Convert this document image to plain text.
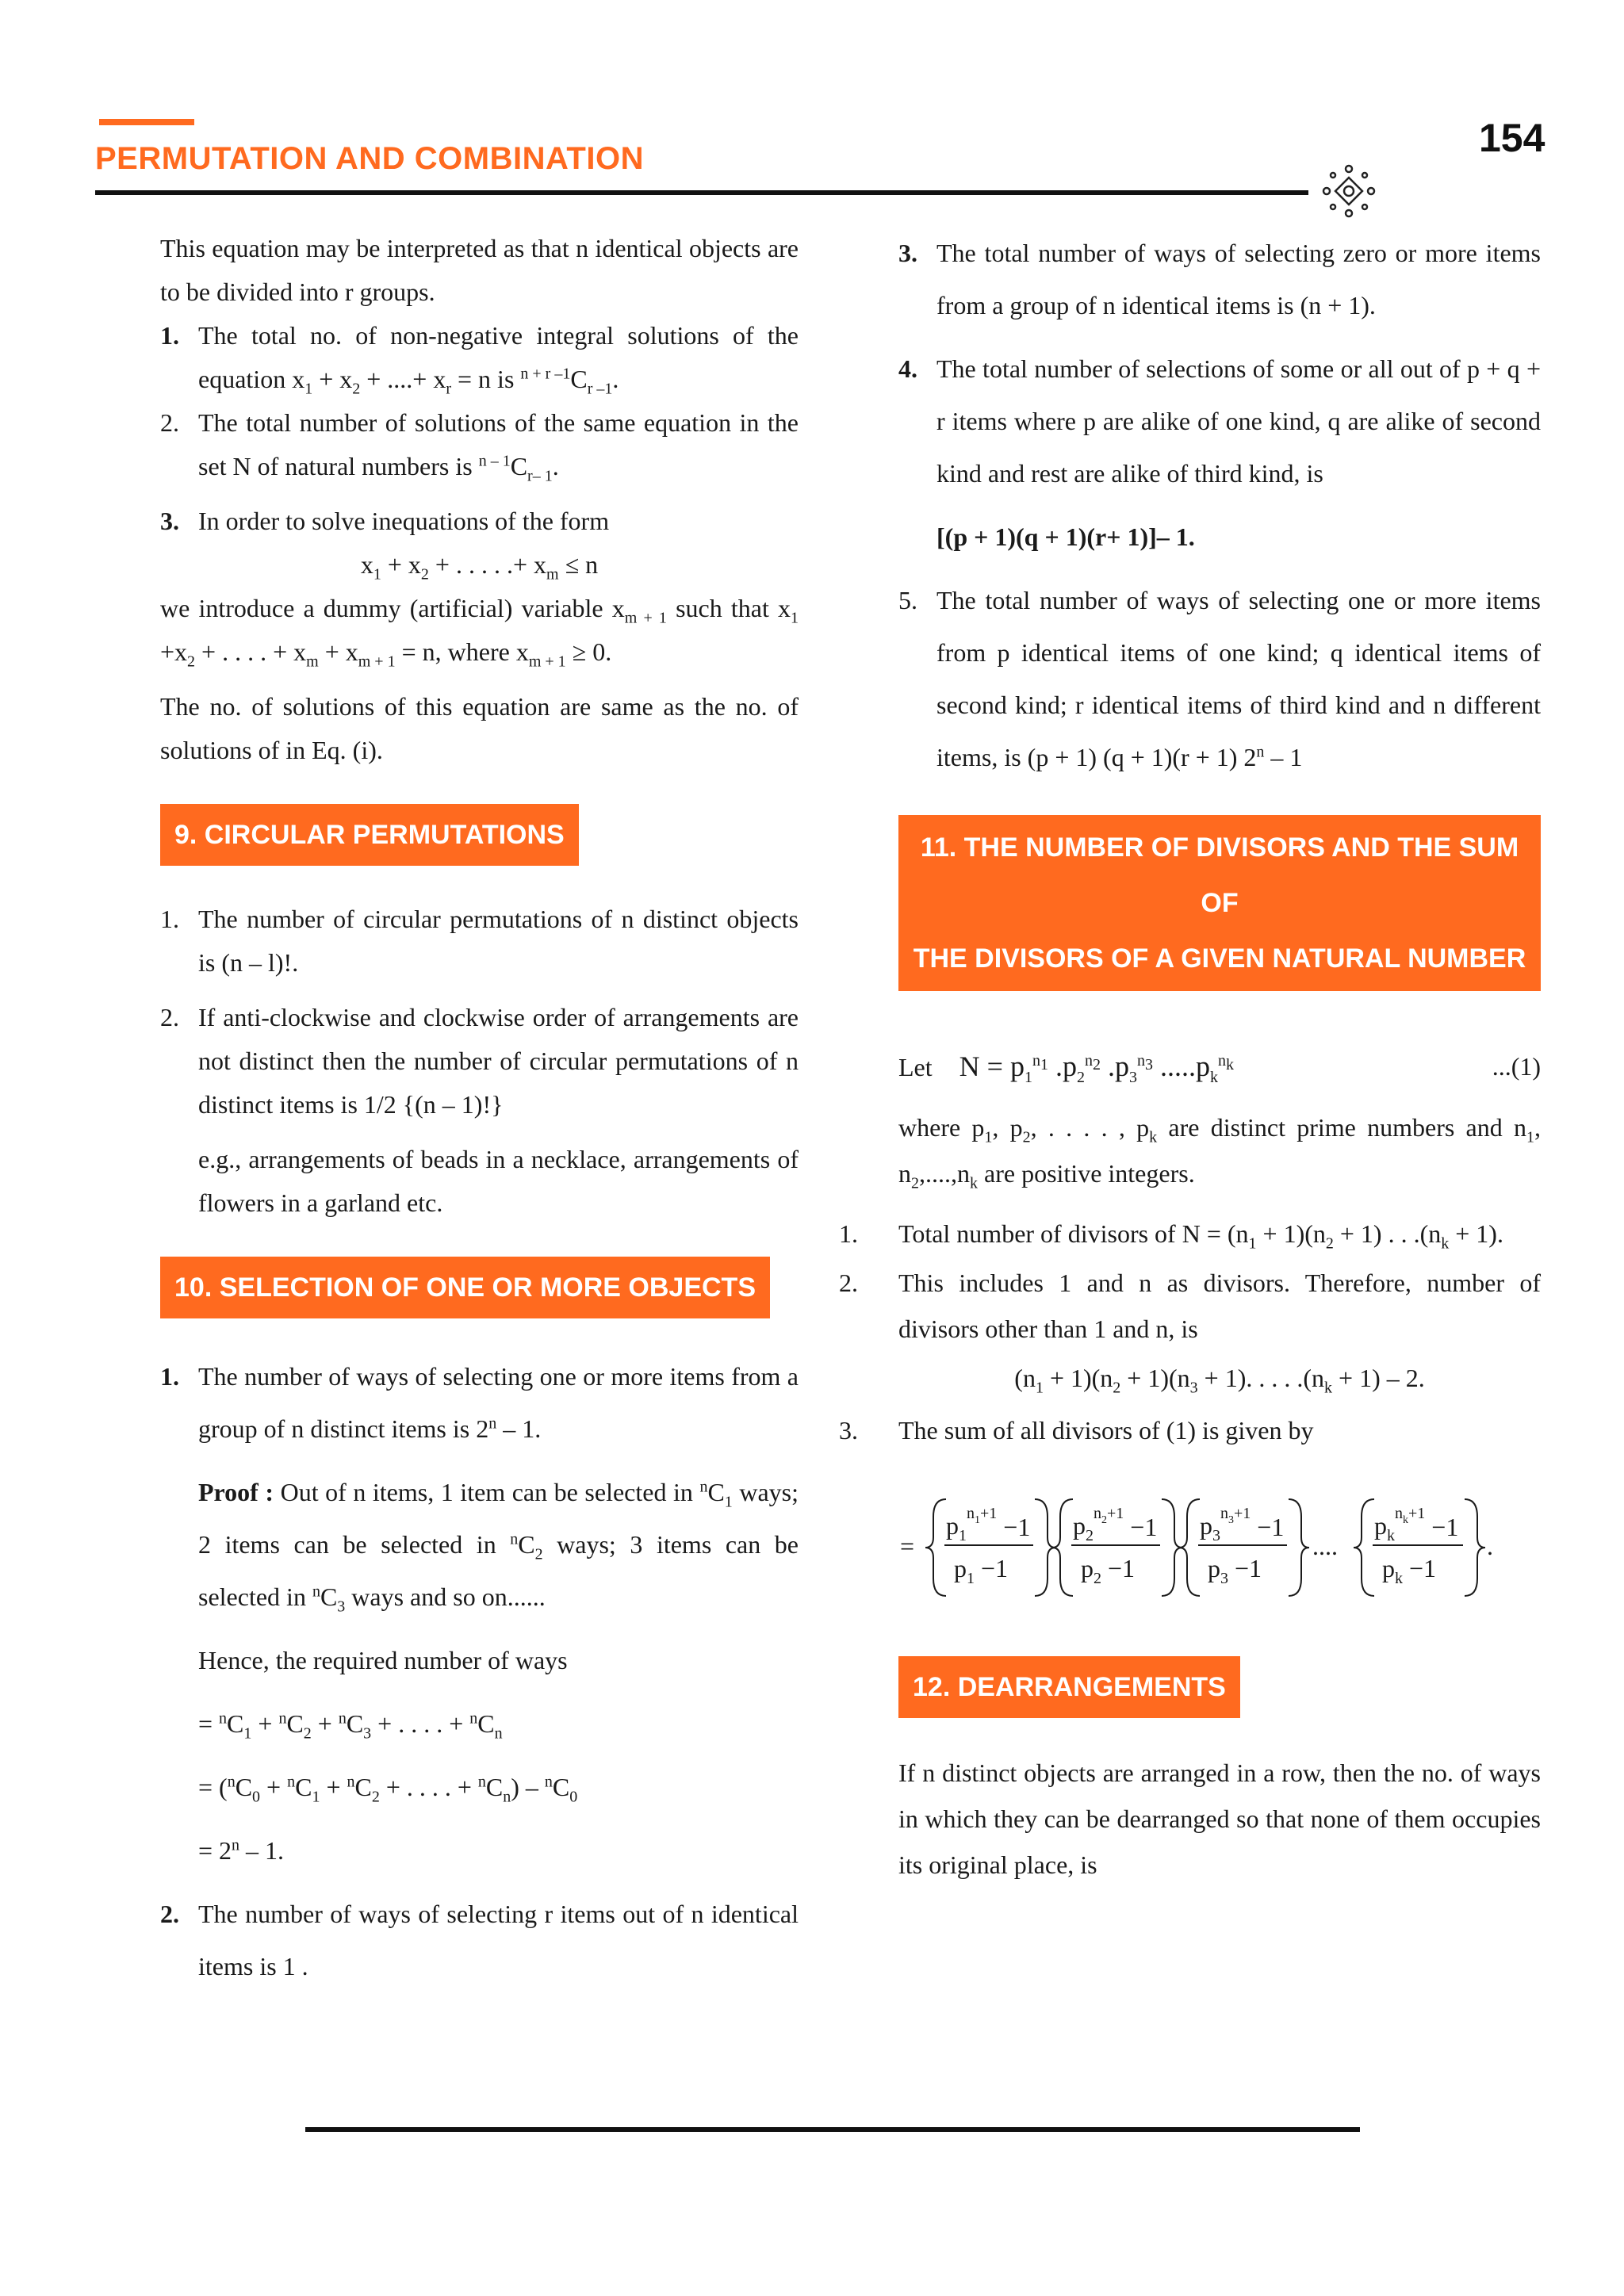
PERMUTATION AND COMBINATION	154

This equation may be interpreted as that n identical objects are to be divided into r groups.

1. The total no. of non-negative integral solutions of the equation $x_1 + x_2$ + ....+ $x_r = n$ is $^{n + r -1}C_{r -1}$.
2. The total number of solutions of the same equation in the set N of natural numbers is $^{n - 1}C_{r- 1}$.
3. In order to solve inequations of the form

$x_1 + x_2$ + . . . . .+ $x_m \le n$

we introduce a dummy (artificial) variable $x_{m + 1}$ such that $x_1 +x_2$ + . . . . + $x_m + x_{m + 1} = n$, where $x_{m + 1} \ge 0$.

The no. of solutions of this equation are same as the no. of solutions of in Eq. (i).

9. CIRCULAR PERMUTATIONS
1. The number of circular permutations of n distinct objects is (n – l)!.
2. If anti-clockwise and clockwise order of arrangements are not distinct then the number of circular permutations of n distinct items is 1/2 {(n – 1)!}

e.g., arrangements of beads in a necklace, arrangements of flowers in a garland etc.

10. SELECTION OF ONE OR MORE OBJECTS
1. The number of ways of selecting one or more items from a group of n distinct items is 2$^n$ – 1.

Proof : Out of n items, 1 item can be selected in $^nC_1$ ways; 2 items can be selected in $^nC_2$ ways; 3 items can be selected in $^nC_3$ ways and so on......

Hence, the required number of ways

= $^nC_1 + ^nC_2 + ^nC_3$ + . . . . + $^nC_n$

= ($^nC_0 + ^nC_1 + ^nC_2$ + . . . . + $^nC_n) - ^nC_0$

= $2^n - 1$.

2. The number of ways of selecting r items out of n identical items is 1 .
3. The total number of ways of selecting zero or more items from a group of n identical items is (n + 1).
4. The total number of selections of some or all out of p + q + r items where p are alike of one kind, q are alike of second kind and rest are alike of third kind, is

[(p + 1)(q + 1)(r+ 1)]– 1.

5. The total number of ways of selecting one or more items from p identical items of one kind; q identical items of second kind; r identical items of third kind and n different items, is (p + 1) (q + 1)(r + 1) 2$^n$ – 1
11. THE NUMBER OF DIVISORS AND THE SUM OF
THE DIVISORS OF A GIVEN NATURAL NUMBER
Let $N = p_1^{n_1}$ $.p_2^{n_2}$ $.p_3^{n_3}$ $.....p_k^{n_k}$	...(1)

where $p_1$, $p_2$, . . . . , $p_k$ are distinct prime numbers and $n_1$, $n_2,....,n_k$ are positive integers.

1. Total number of divisors of $N = (n_1 + 1)(n_2 + 1)$ . . $.(n_k + 1)$.
2. This includes 1 and n as divisors. Therefore, number of divisors other than 1 and n, is

$(n_1 + 1)(n_2 + 1)(n_3 + 1)$. . . . $.(n_k + 1) - 2$.

3. The sum of all divisors of (1) is given by
=
$p_1^n1+1 -1$
$p_1 -1$
$p_2^n2+1 -1$
$p_2 -1$
$p_3^n3+1 -1$
$p_3 -1$
....
$p_k^nk+1 -1$
$p_k -1$
.
12. DEARRANGEMENTS

If n distinct objects are arranged in a row, then the no. of ways in which they can be dearranged so that none of them occupies its original place, is
